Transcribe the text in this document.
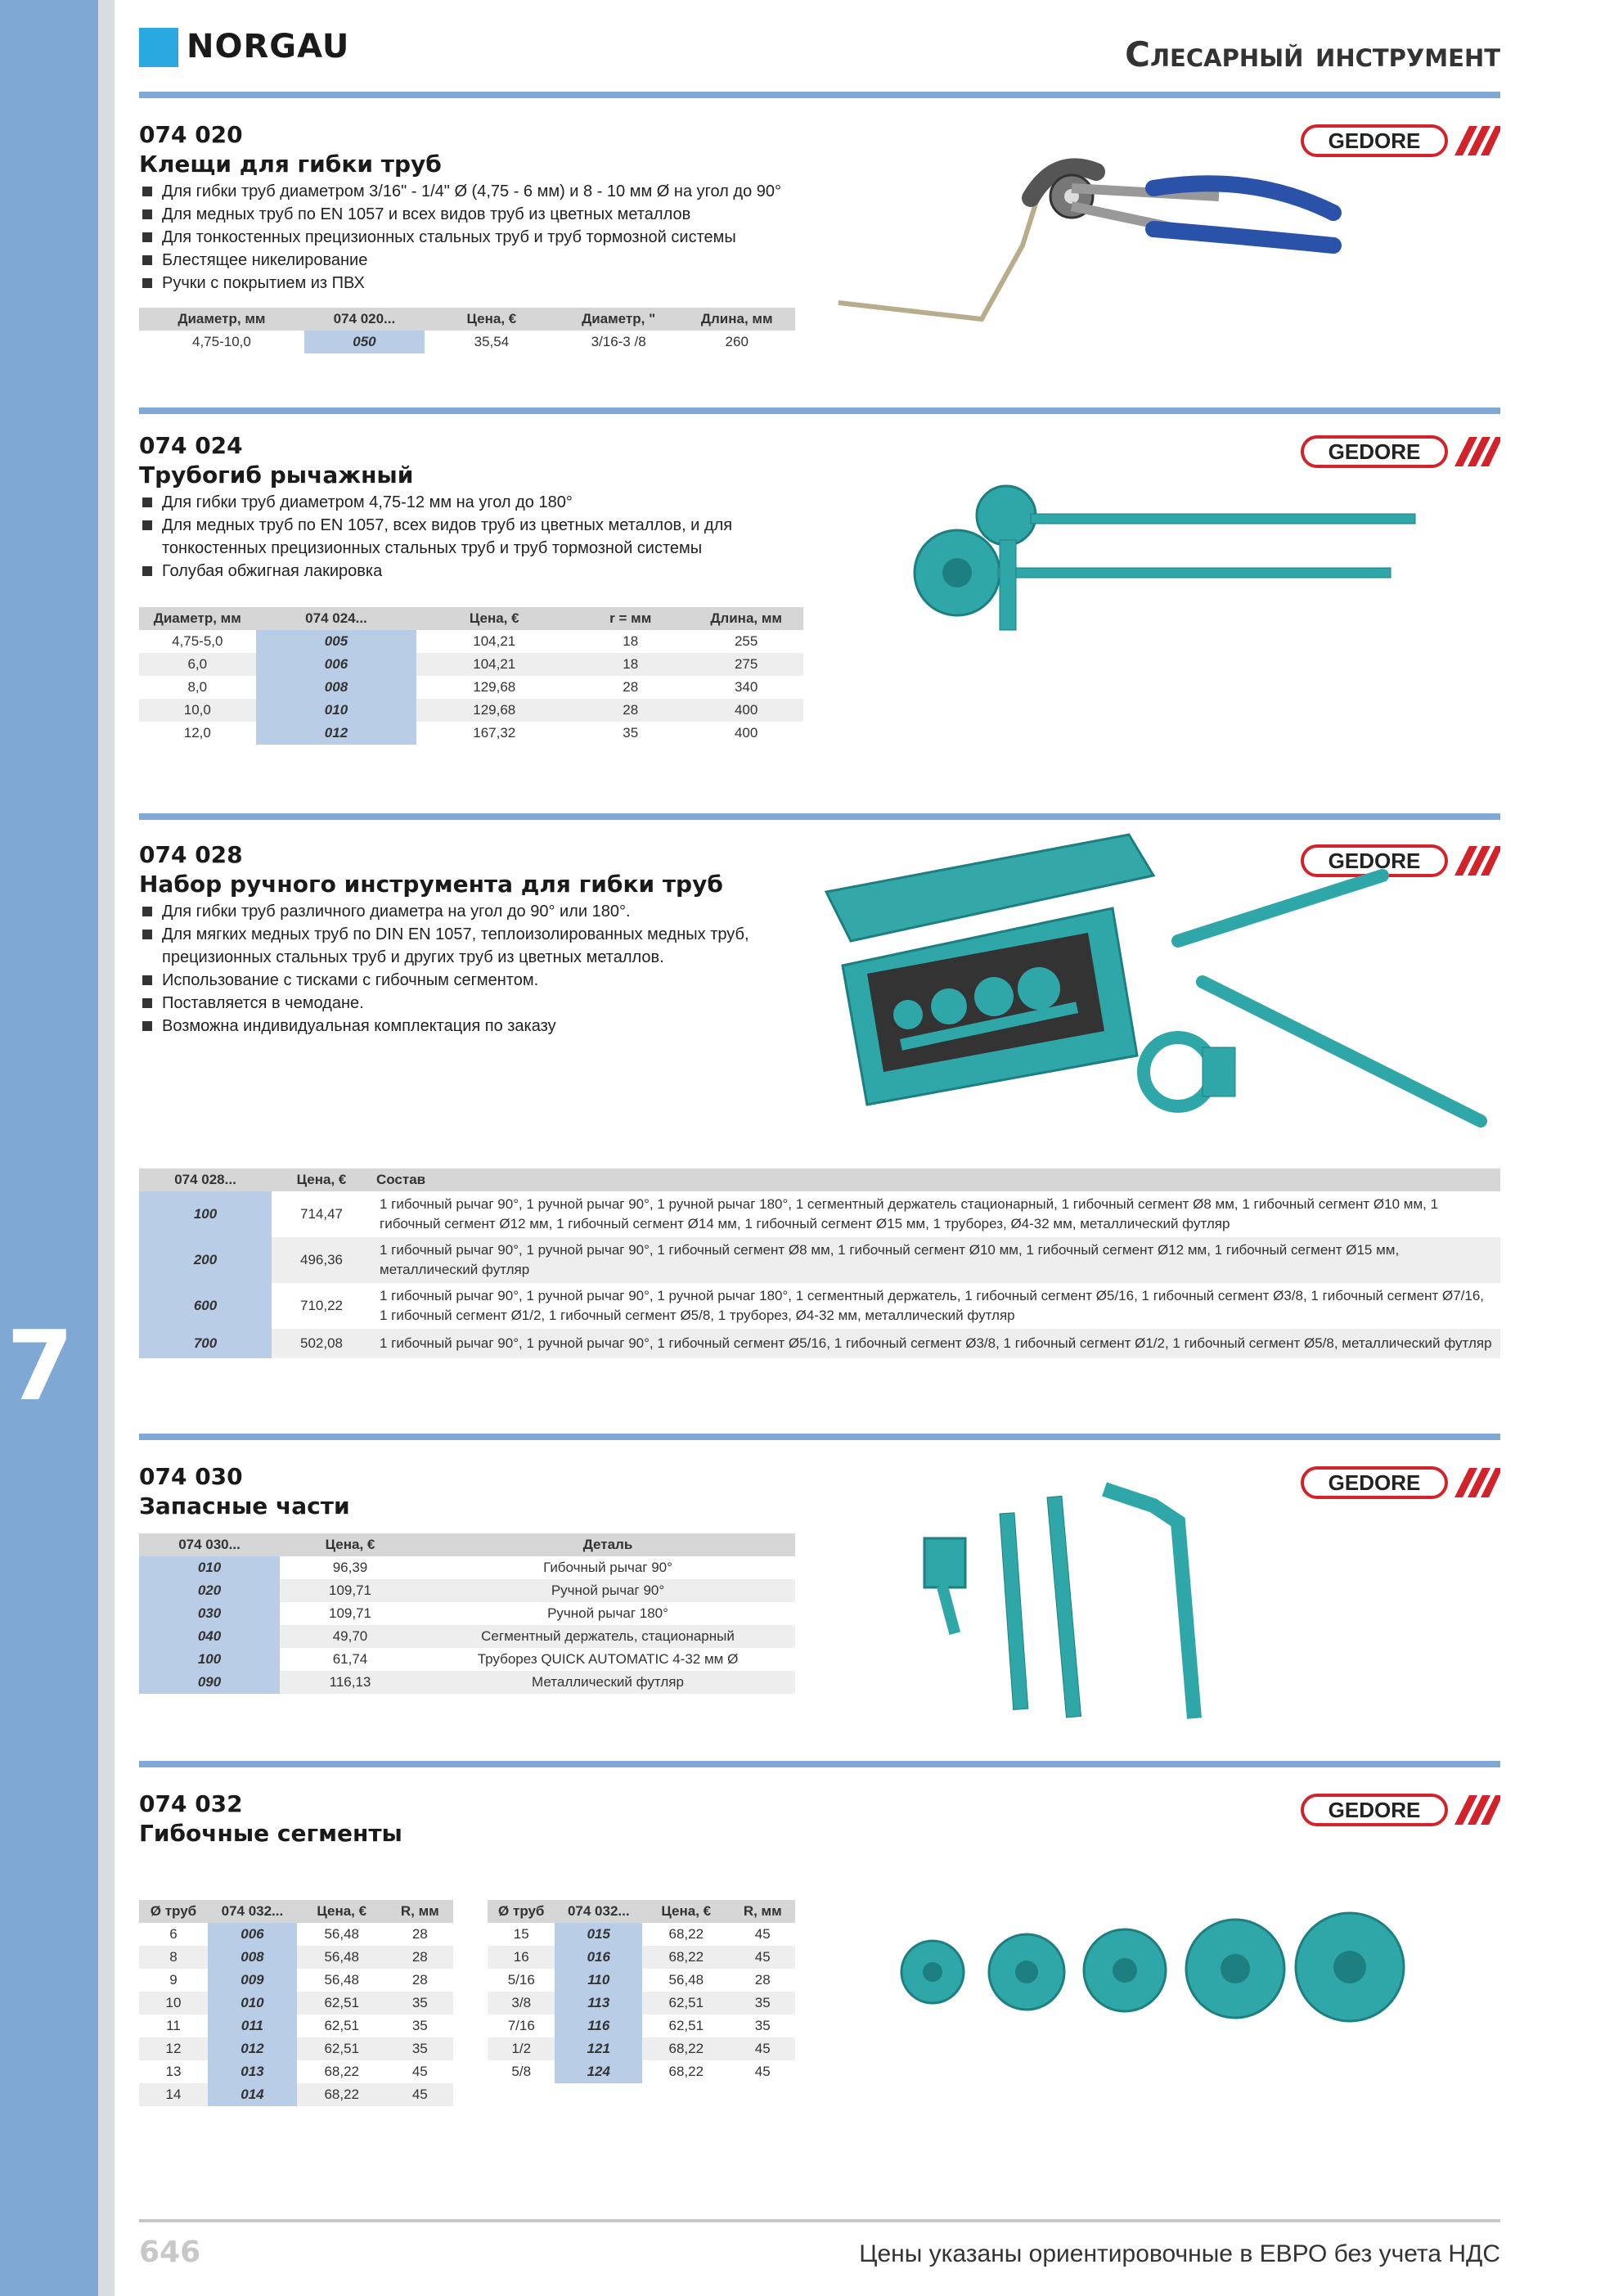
7
NORGAU	Слесарный инструмент
074 020
Клещи для гибки труб
Для гибки труб диаметром 3/16" - 1/4" Ø (4,75 - 6 мм) и 8 - 10 мм Ø на угол до 90°
Для медных труб по EN 1057 и всех видов труб из цветных металлов
Для тонкостенных прецизионных стальных труб и труб тормозной системы
Блестящее никелирование
Ручки с покрытием из ПВХ
GEDORE
Диаметр, мм	074 020...	Цена, €	Диаметр, "	Длина, мм
4,75-10,0	050	35,54	3/16-3 /8	260
074 024
Трубогиб рычажный
Для гибки труб диаметром 4,75-12 мм на угол до 180°
Для медных труб по EN 1057, всех видов труб из цветных металлов, и для тонкостенных прецизионных стальных труб и труб тормозной системы
Голубая обжигная лакировка
GEDORE
Диаметр, мм	074 024...	Цена, €	r = мм	Длина, мм
4,75-5,0	005	104,21	18	255
6,0	006	104,21	18	275
8,0	008	129,68	28	340
10,0	010	129,68	28	400
12,0	012	167,32	35	400
074 028
Набор ручного инструмента для гибки труб
Для гибки труб различного диаметра на угол до 90° или 180°.
Для мягких медных труб по DIN EN 1057, теплоизолированных медных труб, прецизионных стальных труб и других труб из цветных металлов.
Использование с тисками с гибочным сегментом.
Поставляется в чемодане.
Возможна индивидуальная комплектация по заказу
GEDORE
074 028...	Цена, €	Состав
100	714,47	1 гибочный рычаг 90°, 1 ручной рычаг 90°, 1 ручной рычаг 180°, 1 сегментный держатель стационарный, 1 гибочный сегмент Ø8 мм, 1 гибочный сегмент Ø10 мм, 1 гибочный сегмент Ø12 мм, 1 гибочный сегмент Ø14 мм, 1 гибочный сегмент Ø15 мм, 1 труборез, Ø4-32 мм, металлический футляр
200	496,36	1 гибочный рычаг 90°, 1 ручной рычаг 90°, 1 гибочный сегмент Ø8 мм, 1 гибочный сегмент Ø10 мм, 1 гибочный сегмент Ø12 мм, 1 гибочный сегмент Ø15 мм, металлический футляр
600	710,22	1 гибочный рычаг 90°, 1 ручной рычаг 90°, 1 ручной рычаг 180°, 1 сегментный держатель, 1 гибочный сегмент Ø5/16, 1 гибочный сегмент Ø3/8, 1 гибочный сегмент Ø7/16, 1 гибочный сегмент Ø1/2, 1 гибочный сегмент Ø5/8, 1 труборез, Ø4-32 мм, металлический футляр
700	502,08	1 гибочный рычаг 90°, 1 ручной рычаг 90°, 1 гибочный сегмент Ø5/16, 1 гибочный сегмент Ø3/8, 1 гибочный сегмент Ø1/2, 1 гибочный сегмент Ø5/8, металлический футляр
074 030
Запасные части
GEDORE
074 030...	Цена, €	Деталь
010	96,39	Гибочный рычаг 90°
020	109,71	Ручной рычаг 90°
030	109,71	Ручной рычаг 180°
040	49,70	Сегментный держатель, стационарный
100	61,74	Труборез QUICK AUTOMATIC 4-32 мм Ø
090	116,13	Металлический футляр
074 032
Гибочные сегменты
GEDORE
Ø труб	074 032...	Цена, €	R, мм
6	006	56,48	28
8	008	56,48	28
9	009	56,48	28
10	010	62,51	35
11	011	62,51	35
12	012	62,51	35
13	013	68,22	45
14	014	68,22	45
Ø труб	074 032...	Цена, €	R, мм
15	015	68,22	45
16	016	68,22	45
5/16	110	56,48	28
3/8	113	62,51	35
7/16	116	62,51	35
1/2	121	68,22	45
5/8	124	68,22	45
646	Цены указаны ориентировочные в ЕВРО без учета НДС
